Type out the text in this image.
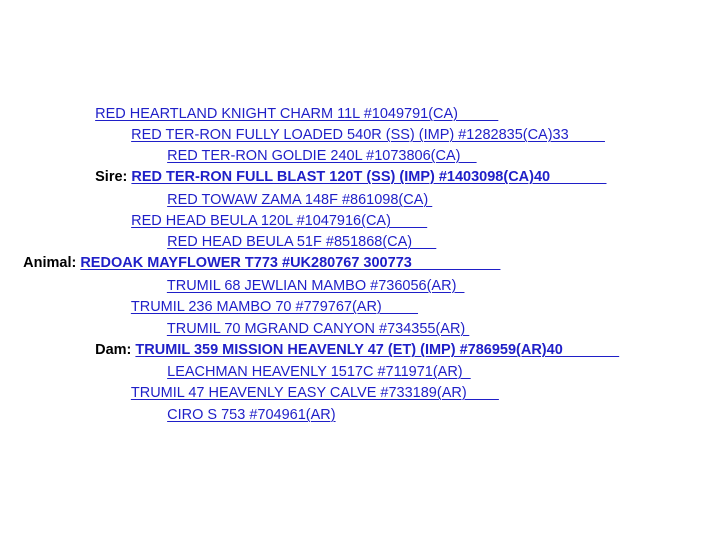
RED HEARTLAND KNIGHT CHARM 11L #1049791(CA)

RED TER-RON FULLY LOADED 540R (SS) (IMP) #1282835(CA)33

RED TER-RON GOLDIE 240L #1073806(CA)

Sire: RED TER-RON FULL BLAST 120T (SS) (IMP) #1403098(CA)40

RED TOWAW ZAMA 148F #861098(CA)

RED HEAD BEULA 120L #1047916(CA)

RED HEAD BEULA 51F #851868(CA)

Animal: REDOAK MAYFLOWER T773 #UK280767 300773

TRUMIL 68 JEWLIAN MAMBO #736056(AR)

TRUMIL 236 MAMBO 70 #779767(AR)

TRUMIL 70 MGRAND CANYON #734355(AR)

Dam: TRUMIL 359 MISSION HEAVENLY 47 (ET) (IMP) #786959(AR)40

LEACHMAN HEAVENLY 1517C #711971(AR)

TRUMIL 47 HEAVENLY EASY CALVE #733189(AR)

CIRO S 753 #704961(AR)
